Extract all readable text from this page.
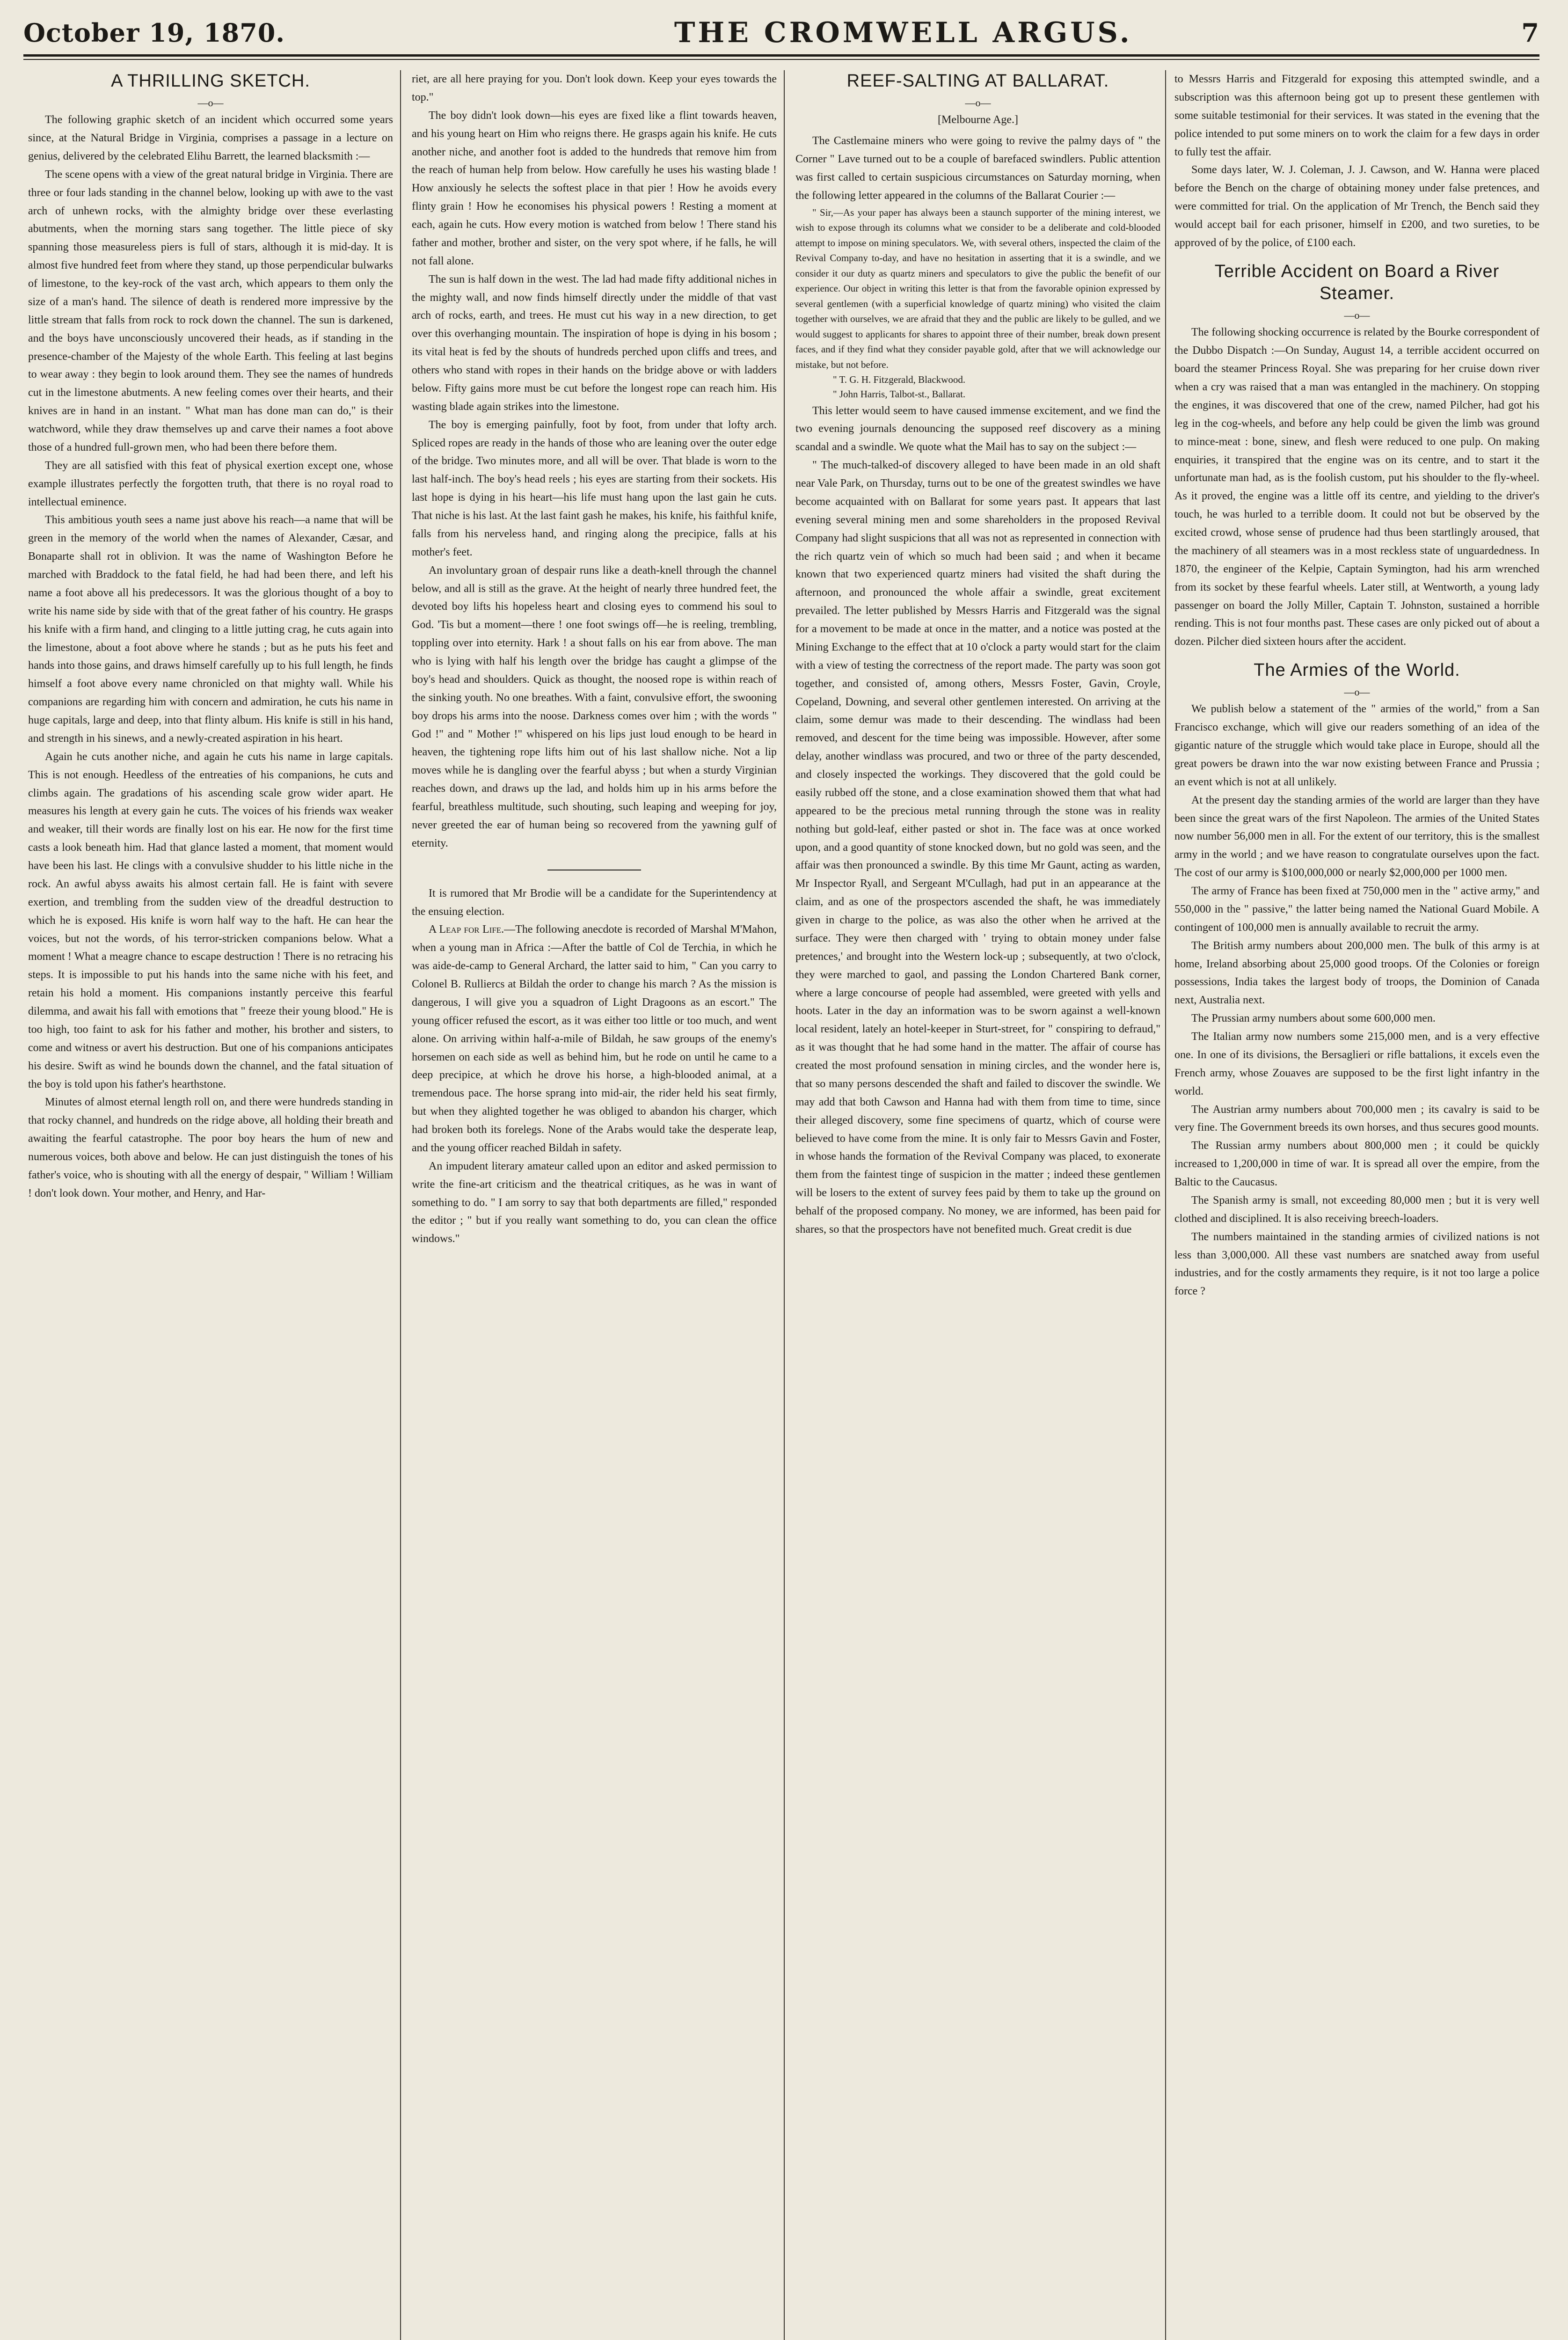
October 19, 1870.	THE CROMWELL ARGUS.	7
A THRILLING SKETCH.
—o—

The following graphic sketch of an incident which occurred some years since, at the Natural Bridge in Virginia, comprises a passage in a lecture on genius, delivered by the celebrated Elihu Barrett, the learned blacksmith :—

The scene opens with a view of the great natural bridge in Virginia. There are three or four lads standing in the channel below, looking up with awe to the vast arch of unhewn rocks, with the almighty bridge over these everlasting abutments, when the morning stars sang together. The little piece of sky spanning those measureless piers is full of stars, although it is mid-day. It is almost five hundred feet from where they stand, up those perpendicular bulwarks of limestone, to the key-rock of the vast arch, which appears to them only the size of a man's hand. The silence of death is rendered more impressive by the little stream that falls from rock to rock down the channel. The sun is darkened, and the boys have unconsciously uncovered their heads, as if standing in the presence-chamber of the Majesty of the whole Earth. This feeling at last begins to wear away : they begin to look around them. They see the names of hundreds cut in the limestone abutments. A new feeling comes over their hearts, and their knives are in hand in an instant. " What man has done man can do," is their watchword, while they draw themselves up and carve their names a foot above those of a hundred full-grown men, who had been there before them.

They are all satisfied with this feat of physical exertion except one, whose example illustrates perfectly the forgotten truth, that there is no royal road to intellectual eminence.

This ambitious youth sees a name just above his reach—a name that will be green in the memory of the world when the names of Alexander, Cæsar, and Bonaparte shall rot in oblivion. It was the name of Washington Before he marched with Braddock to the fatal field, he had had been there, and left his name a foot above all his predecessors. It was the glorious thought of a boy to write his name side by side with that of the great father of his country. He grasps his knife with a firm hand, and clinging to a little jutting crag, he cuts again into the limestone, about a foot above where he stands ; but as he puts his feet and hands into those gains, and draws himself carefully up to his full length, he finds himself a foot above every name chronicled on that mighty wall. While his companions are regarding him with concern and admiration, he cuts his name in huge capitals, large and deep, into that flinty album. His knife is still in his hand, and strength in his sinews, and a newly-created aspiration in his heart.

Again he cuts another niche, and again he cuts his name in large capitals. This is not enough. Heedless of the entreaties of his companions, he cuts and climbs again. The gradations of his ascending scale grow wider apart. He measures his length at every gain he cuts. The voices of his friends wax weaker and weaker, till their words are finally lost on his ear. He now for the first time casts a look beneath him. Had that glance lasted a moment, that moment would have been his last. He clings with a convulsive shudder to his little niche in the rock. An awful abyss awaits his almost certain fall. He is faint with severe exertion, and trembling from the sudden view of the dreadful destruction to which he is exposed. His knife is worn half way to the haft. He can hear the voices, but not the words, of his terror-stricken companions below. What a moment ! What a meagre chance to escape destruction ! There is no retracing his steps. It is impossible to put his hands into the same niche with his feet, and retain his hold a moment. His companions instantly perceive this fearful dilemma, and await his fall with emotions that " freeze their young blood." He is too high, too faint to ask for his father and mother, his brother and sisters, to come and witness or avert his destruction. But one of his companions anticipates his desire. Swift as wind he bounds down the channel, and the fatal situation of the boy is told upon his father's hearthstone.

Minutes of almost eternal length roll on, and there were hundreds standing in that rocky channel, and hundreds on the ridge above, all holding their breath and awaiting the fearful catastrophe. The poor boy hears the hum of new and numerous voices, both above and below. He can just distinguish the tones of his father's voice, who is shouting with all the energy of despair, " William ! William ! don't look down. Your mother, and Henry, and Har-

riet, are all here praying for you. Don't look down. Keep your eyes towards the top."

The boy didn't look down—his eyes are fixed like a flint towards heaven, and his young heart on Him who reigns there. He grasps again his knife. He cuts another niche, and another foot is added to the hundreds that remove him from the reach of human help from below. How carefully he uses his wasting blade ! How anxiously he selects the softest place in that pier ! How he avoids every flinty grain ! How he economises his physical powers ! Resting a moment at each, again he cuts. How every motion is watched from below ! There stand his father and mother, brother and sister, on the very spot where, if he falls, he will not fall alone.

The sun is half down in the west. The lad had made fifty additional niches in the mighty wall, and now finds himself directly under the middle of that vast arch of rocks, earth, and trees. He must cut his way in a new direction, to get over this overhanging mountain. The inspiration of hope is dying in his bosom ; its vital heat is fed by the shouts of hundreds perched upon cliffs and trees, and others who stand with ropes in their hands on the bridge above or with ladders below. Fifty gains more must be cut before the longest rope can reach him. His wasting blade again strikes into the limestone.

The boy is emerging painfully, foot by foot, from under that lofty arch. Spliced ropes are ready in the hands of those who are leaning over the outer edge of the bridge. Two minutes more, and all will be over. That blade is worn to the last half-inch. The boy's head reels ; his eyes are starting from their sockets. His last hope is dying in his heart—his life must hang upon the last gain he cuts. That niche is his last. At the last faint gash he makes, his knife, his faithful knife, falls from his nerveless hand, and ringing along the precipice, falls at his mother's feet.

An involuntary groan of despair runs like a death-knell through the channel below, and all is still as the grave. At the height of nearly three hundred feet, the devoted boy lifts his hopeless heart and closing eyes to commend his soul to God. 'Tis but a moment—there ! one foot swings off—he is reeling, trembling, toppling over into eternity. Hark ! a shout falls on his ear from above. The man who is lying with half his length over the bridge has caught a glimpse of the boy's head and shoulders. Quick as thought, the noosed rope is within reach of the sinking youth. No one breathes. With a faint, convulsive effort, the swooning boy drops his arms into the noose. Darkness comes over him ; with the words " God !" and " Mother !" whispered on his lips just loud enough to be heard in heaven, the tightening rope lifts him out of his last shallow niche. Not a lip moves while he is dangling over the fearful abyss ; but when a sturdy Virginian reaches down, and draws up the lad, and holds him up in his arms before the fearful, breathless multitude, such shouting, such leaping and weeping for joy, never greeted the ear of human being so recovered from the yawning gulf of eternity.

It is rumored that Mr Brodie will be a candidate for the Superintendency at the ensuing election.

A Leap for Life.—The following anecdote is recorded of Marshal M'Mahon, when a young man in Africa :—After the battle of Col de Terchia, in which he was aide-de-camp to General Archard, the latter said to him, " Can you carry to Colonel B. Rulliercs at Bildah the order to change his march ? As the mission is dangerous, I will give you a squadron of Light Dragoons as an escort." The young officer refused the escort, as it was either too little or too much, and went alone. On arriving within half-a-mile of Bildah, he saw groups of the enemy's horsemen on each side as well as behind him, but he rode on until he came to a deep precipice, at which he drove his horse, a high-blooded animal, at a tremendous pace. The horse sprang into mid-air, the rider held his seat firmly, but when they alighted together he was obliged to abandon his charger, which had broken both its forelegs. None of the Arabs would take the desperate leap, and the young officer reached Bildah in safety.

An impudent literary amateur called upon an editor and asked permission to write the fine-art criticism and the theatrical critiques, as he was in want of something to do. " I am sorry to say that both departments are filled," responded the editor ; " but if you really want something to do, you can clean the office windows."

REEF-SALTING AT BALLARAT.
—o—
[Melbourne Age.]

The Castlemaine miners who were going to revive the palmy days of " the Corner " Lave turned out to be a couple of barefaced swindlers. Public attention was first called to certain suspicious circumstances on Saturday morning, when the following letter appeared in the columns of the Ballarat Courier :—

" Sir,—As your paper has always been a staunch supporter of the mining interest, we wish to expose through its columns what we consider to be a deliberate and cold-blooded attempt to impose on mining speculators. We, with several others, inspected the claim of the Revival Company to-day, and have no hesitation in asserting that it is a swindle, and we consider it our duty as quartz miners and speculators to give the public the benefit of our experience. Our object in writing this letter is that from the favorable opinion expressed by several gentlemen (with a superficial knowledge of quartz mining) who visited the claim together with ourselves, we are afraid that they and the public are likely to be gulled, and we would suggest to applicants for shares to appoint three of their number, break down present faces, and if they find what they consider payable gold, after that we will acknowledge our mistake, but not before.

" T. G. H. Fitzgerald, Blackwood.

" John Harris, Talbot-st., Ballarat.

This letter would seem to have caused immense excitement, and we find the two evening journals denouncing the supposed reef discovery as a mining scandal and a swindle. We quote what the Mail has to say on the subject :—

" The much-talked-of discovery alleged to have been made in an old shaft near Vale Park, on Thursday, turns out to be one of the greatest swindles we have become acquainted with on Ballarat for some years past. It appears that last evening several mining men and some shareholders in the proposed Revival Company had slight suspicions that all was not as represented in connection with the rich quartz vein of which so much had been said ; and when it became known that two experienced quartz miners had visited the shaft during the afternoon, and pronounced the whole affair a swindle, great excitement prevailed. The letter published by Messrs Harris and Fitzgerald was the signal for a movement to be made at once in the matter, and a notice was posted at the Mining Exchange to the effect that at 10 o'clock a party would start for the claim with a view of testing the correctness of the report made. The party was soon got together, and consisted of, among others, Messrs Foster, Gavin, Croyle, Copeland, Downing, and several other gentlemen interested. On arriving at the claim, some demur was made to their descending. The windlass had been removed, and descent for the time being was impossible. However, after some delay, another windlass was procured, and two or three of the party descended, and closely inspected the workings. They discovered that the gold could be easily rubbed off the stone, and a close examination showed them that what had appeared to be the precious metal running through the stone was in reality nothing but gold-leaf, either pasted or shot in. The face was at once worked upon, and a good quantity of stone knocked down, but no gold was seen, and the affair was then pronounced a swindle. By this time Mr Gaunt, acting as warden, Mr Inspector Ryall, and Sergeant M'Cullagh, had put in an appearance at the claim, and as one of the prospectors ascended the shaft, he was immediately given in charge to the police, as was also the other when he arrived at the surface. They were then charged with ' trying to obtain money under false pretences,' and brought into the Western lock-up ; subsequently, at two o'clock, they were marched to gaol, and passing the London Chartered Bank corner, where a large concourse of people had assembled, were greeted with yells and hoots. Later in the day an information was to be sworn against a well-known local resident, lately an hotel-keeper in Sturt-street, for " conspiring to defraud," as it was thought that he had some hand in the matter. The affair of course has created the most profound sensation in mining circles, and the wonder here is, that so many persons descended the shaft and failed to discover the swindle. We may add that both Cawson and Hanna had with them from time to time, since their alleged discovery, some fine specimens of quartz, which of course were believed to have come from the mine. It is only fair to Messrs Gavin and Foster, in whose hands the formation of the Revival Company was placed, to exonerate them from the faintest tinge of suspicion in the matter ; indeed these gentlemen will be losers to the extent of survey fees paid by them to take up the ground on behalf of the proposed company. No money, we are informed, has been paid for shares, so that the prospectors have not benefited much. Great credit is due

to Messrs Harris and Fitzgerald for exposing this attempted swindle, and a subscription was this afternoon being got up to present these gentlemen with some suitable testimonial for their services. It was stated in the evening that the police intended to put some miners on to work the claim for a few days in order to fully test the affair.

Some days later, W. J. Coleman, J. J. Cawson, and W. Hanna were placed before the Bench on the charge of obtaining money under false pretences, and were committed for trial. On the application of Mr Trench, the Bench said they would accept bail for each prisoner, himself in £200, and two sureties, to be approved of by the police, of £100 each.

Terrible Accident on Board a River Steamer.
—o—

The following shocking occurrence is related by the Bourke correspondent of the Dubbo Dispatch :—On Sunday, August 14, a terrible accident occurred on board the steamer Princess Royal. She was preparing for her cruise down river when a cry was raised that a man was entangled in the machinery. On stopping the engines, it was discovered that one of the crew, named Pilcher, had got his leg in the cog-wheels, and before any help could be given the limb was ground to mince-meat : bone, sinew, and flesh were reduced to one pulp. On making enquiries, it transpired that the engine was on its centre, and to start it the unfortunate man had, as is the foolish custom, put his shoulder to the fly-wheel. As it proved, the engine was a little off its centre, and yielding to the driver's touch, he was hurled to a terrible doom. It could not but be observed by the excited crowd, whose sense of prudence had thus been startlingly aroused, that the machinery of all steamers was in a most reckless state of unguardedness. In 1870, the engineer of the Kelpie, Captain Symington, had his arm wrenched from its socket by these fearful wheels. Later still, at Wentworth, a young lady passenger on board the Jolly Miller, Captain T. Johnston, sustained a horrible rending. This is not four months past. These cases are only picked out of about a dozen. Pilcher died sixteen hours after the accident.

The Armies of the World.
—o—

We publish below a statement of the " armies of the world," from a San Francisco exchange, which will give our readers something of an idea of the gigantic nature of the struggle which would take place in Europe, should all the great powers be drawn into the war now existing between France and Prussia ; an event which is not at all unlikely.

At the present day the standing armies of the world are larger than they have been since the great wars of the first Napoleon. The armies of the United States now number 56,000 men in all. For the extent of our territory, this is the smallest army in the world ; and we have reason to congratulate ourselves upon the fact. The cost of our army is $100,000,000 or nearly $2,000,000 per 1000 men.

The army of France has been fixed at 750,000 men in the " active army," and 550,000 in the " passive," the latter being named the National Guard Mobile. A contingent of 100,000 men is annually available to recruit the army.

The British army numbers about 200,000 men. The bulk of this army is at home, Ireland absorbing about 25,000 good troops. Of the Colonies or foreign possessions, India takes the largest body of troops, the Dominion of Canada next, Australia next.

The Prussian army numbers about some 600,000 men.

The Italian army now numbers some 215,000 men, and is a very effective one. In one of its divisions, the Bersaglieri or rifle battalions, it excels even the French army, whose Zouaves are supposed to be the first light infantry in the world.

The Austrian army numbers about 700,000 men ; its cavalry is said to be very fine. The Government breeds its own horses, and thus secures good mounts.

The Russian army numbers about 800,000 men ; it could be quickly increased to 1,200,000 in time of war. It is spread all over the empire, from the Baltic to the Caucasus.

The Spanish army is small, not exceeding 80,000 men ; but it is very well clothed and disciplined. It is also receiving breech-loaders.

The numbers maintained in the standing armies of civilized nations is not less than 3,000,000. All these vast numbers are snatched away from useful industries, and for the costly armaments they require, is it not too large a police force ?
